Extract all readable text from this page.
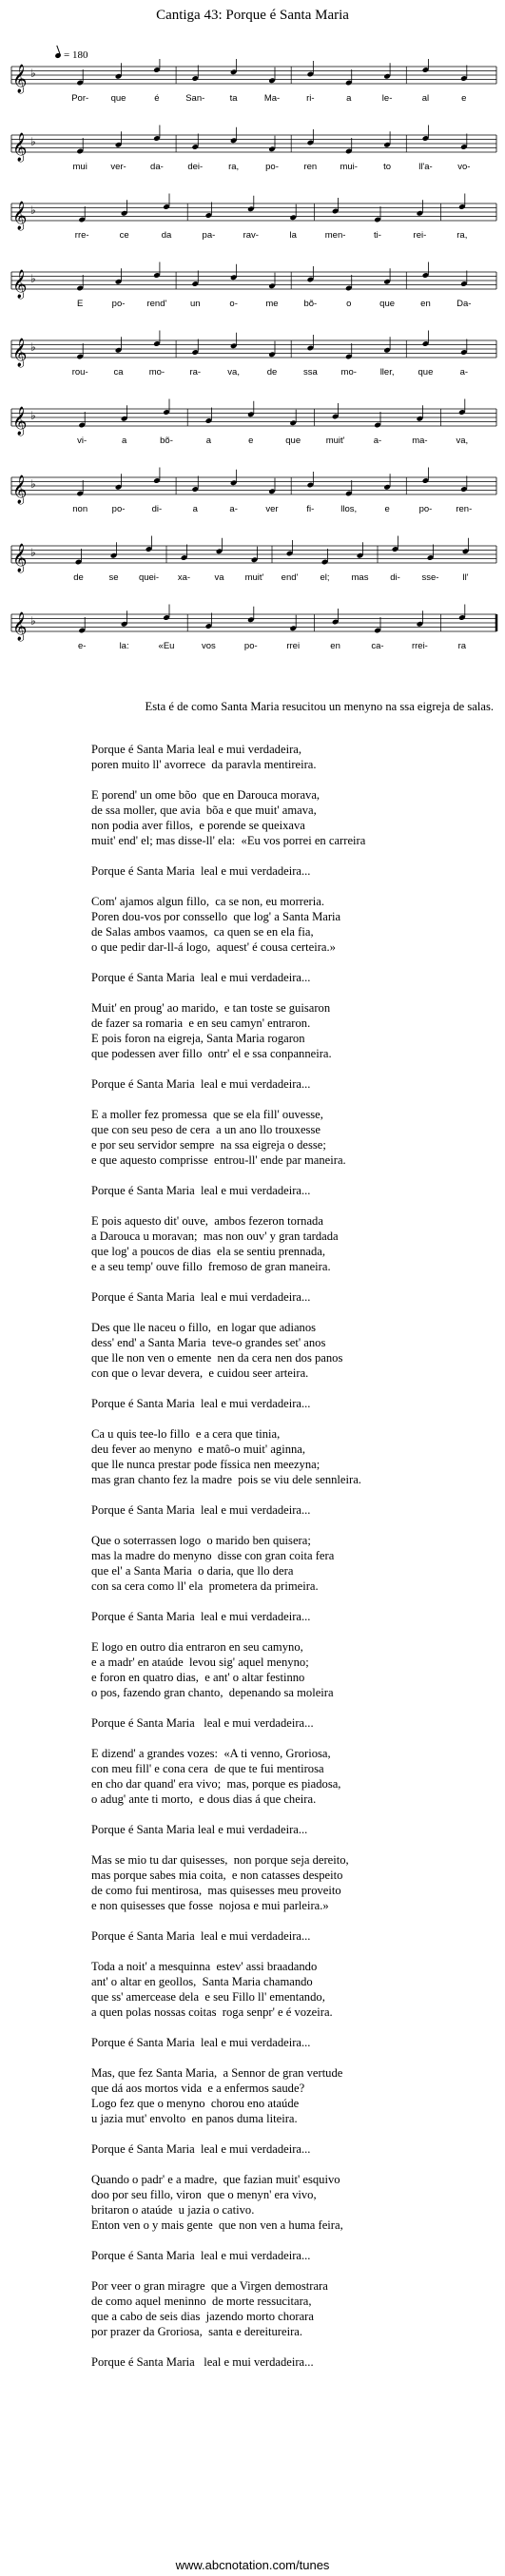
Cantiga 43: Porque é Santa Maria
= 180
𝄞 ♭
Por- que	é	San-	ta	Ma-	ri-	a	le-	al	e
𝄞 ♭
mui	ver-	da-	dei-	ra,	po-	ren	mui-	to	ll'a-	vo-
𝄞 ♭
rre-	ce	da	pa-	rav-	la	men-	ti-	rei-	ra,
𝄞 ♭
E	po- rend'	un	o-	me	bõ-	o	que	en	Da-
𝄞 ♭
rou-	ca	mo-	ra-	va,	de	ssa	mo-	ller,	que	a-
𝄞 ♭
vi-	a	bõ-	a	e	que	muit'	a-	ma-	va,
𝄞 ♭
non	po-	di-	a	a-	ver	fi-	llos,	e	po-	ren-
𝄞 ♭
de	se quei- xa-	va muit' end' el; mas di- sse-	ll'
𝄞 ♭
e-	la:	«Eu	vos	po-	rrei	en	ca-	rrei-	ra
Esta é de como Santa Maria resucitou un menyno na ssa eigreja de salas.
Porque é Santa Maria leal e mui verdadeira,
poren muito ll' avorrece  da paravla mentireira.
E porend' un ome bõo  que en Darouca morava,
de ssa moller, que avia  bõa e que muit' amava,
non podia aver fillos,  e porende se queixava
muit' end' el; mas disse-ll' ela:  «Eu vos porrei en carreira
Porque é Santa Maria  leal e mui verdadeira...
Com' ajamos algun fillo,  ca se non, eu morreria.
Poren dou-vos por conssello  que log' a Santa Maria
de Salas ambos vaamos,  ca quen se en ela fia,
o que pedir dar-ll-á logo,  aquest' é cousa certeira.»
Porque é Santa Maria  leal e mui verdadeira...
Muit' en proug' ao marido,  e tan toste se guisaron
de fazer sa romaria  e en seu camyn' entraron.
E pois foron na eigreja, Santa Maria rogaron
que podessen aver fillo  ontr' el e ssa conpanneira.
Porque é Santa Maria  leal e mui verdadeira...
E a moller fez promessa  que se ela fill' ouvesse,
que con seu peso de cera  a un ano llo trouxesse
e por seu servidor sempre  na ssa eigreja o desse;
e que aquesto comprisse  entrou-ll' ende par maneira.
Porque é Santa Maria  leal e mui verdadeira...
E pois aquesto dit' ouve,  ambos fezeron tornada
a Darouca u moravan;  mas non ouv' y gran tardada
que log' a poucos de dias  ela se sentiu prennada,
e a seu temp' ouve fillo  fremoso de gran maneira.
Porque é Santa Maria  leal e mui verdadeira...
Des que lle naceu o fillo,  en logar que adianos
dess' end' a Santa Maria  teve-o grandes set' anos
que lle non ven o emente  nen da cera nen dos panos
con que o levar devera,  e cuidou seer arteira.
Porque é Santa Maria  leal e mui verdadeira...
Ca u quis tee-lo fillo  e a cera que tinia,
deu fever ao menyno  e matô-o muit' aginna,
que lle nunca prestar pode físsica nen meezyna;
mas gran chanto fez la madre  pois se viu dele sennleira.
Porque é Santa Maria  leal e mui verdadeira...
Que o soterrassen logo  o marido ben quisera;
mas la madre do menyno  disse con gran coita fera
que el' a Santa Maria  o daria, que llo dera
con sa cera como ll' ela  prometera da primeira.
Porque é Santa Maria  leal e mui verdadeira...
E logo en outro dia entraron en seu camyno,
e a madr' en ataúde  levou sig' aquel menyno;
e foron en quatro dias,  e ant' o altar festinno
o pos, fazendo gran chanto,  depenando sa moleira
Porque é Santa Maria   leal e mui verdadeira...
E dizend' a grandes vozes:  «A ti venno, Groriosa,
con meu fill' e cona cera  de que te fui mentirosa
en cho dar quand' era vivo;  mas, porque es piadosa,
o adug' ante ti morto,  e dous dias á que cheira.
Porque é Santa Maria leal e mui verdadeira...
Mas se mio tu dar quisesses,  non porque seja dereito,
mas porque sabes mia coita,  e non catasses despeito
de como fui mentirosa,  mas quisesses meu proveito
e non quisesses que fosse  nojosa e mui parleira.»
Porque é Santa Maria  leal e mui verdadeira...
Toda a noit' a mesquinna  estev' assi braadando
ant' o altar en geollos,  Santa Maria chamando
que ss' amercease dela  e seu Fillo ll' ementando,
a quen polas nossas coitas  roga senpr' e é vozeira.
Porque é Santa Maria  leal e mui verdadeira...
Mas, que fez Santa Maria,  a Sennor de gran vertude
que dá aos mortos vida  e a enfermos saude?
Logo fez que o menyno  chorou eno ataúde
u jazia mut' envolto  en panos duma liteira.
Porque é Santa Maria  leal e mui verdadeira...
Quando o padr' e a madre,  que fazian muit' esquivo
doo por seu fillo, viron  que o menyn' era vivo,
britaron o ataúde  u jazia o cativo.
Enton ven o y mais gente  que non ven a huma feira,
Porque é Santa Maria  leal e mui verdadeira...
Por veer o gran miragre  que a Virgen demostrara
de como aquel meninno  de morte ressucitara,
que a cabo de seis dias  jazendo morto chorara
por prazer da Groriosa,  santa e dereitureira.
Porque é Santa Maria   leal e mui verdadeira...
www.abcnotation.com/tunes
